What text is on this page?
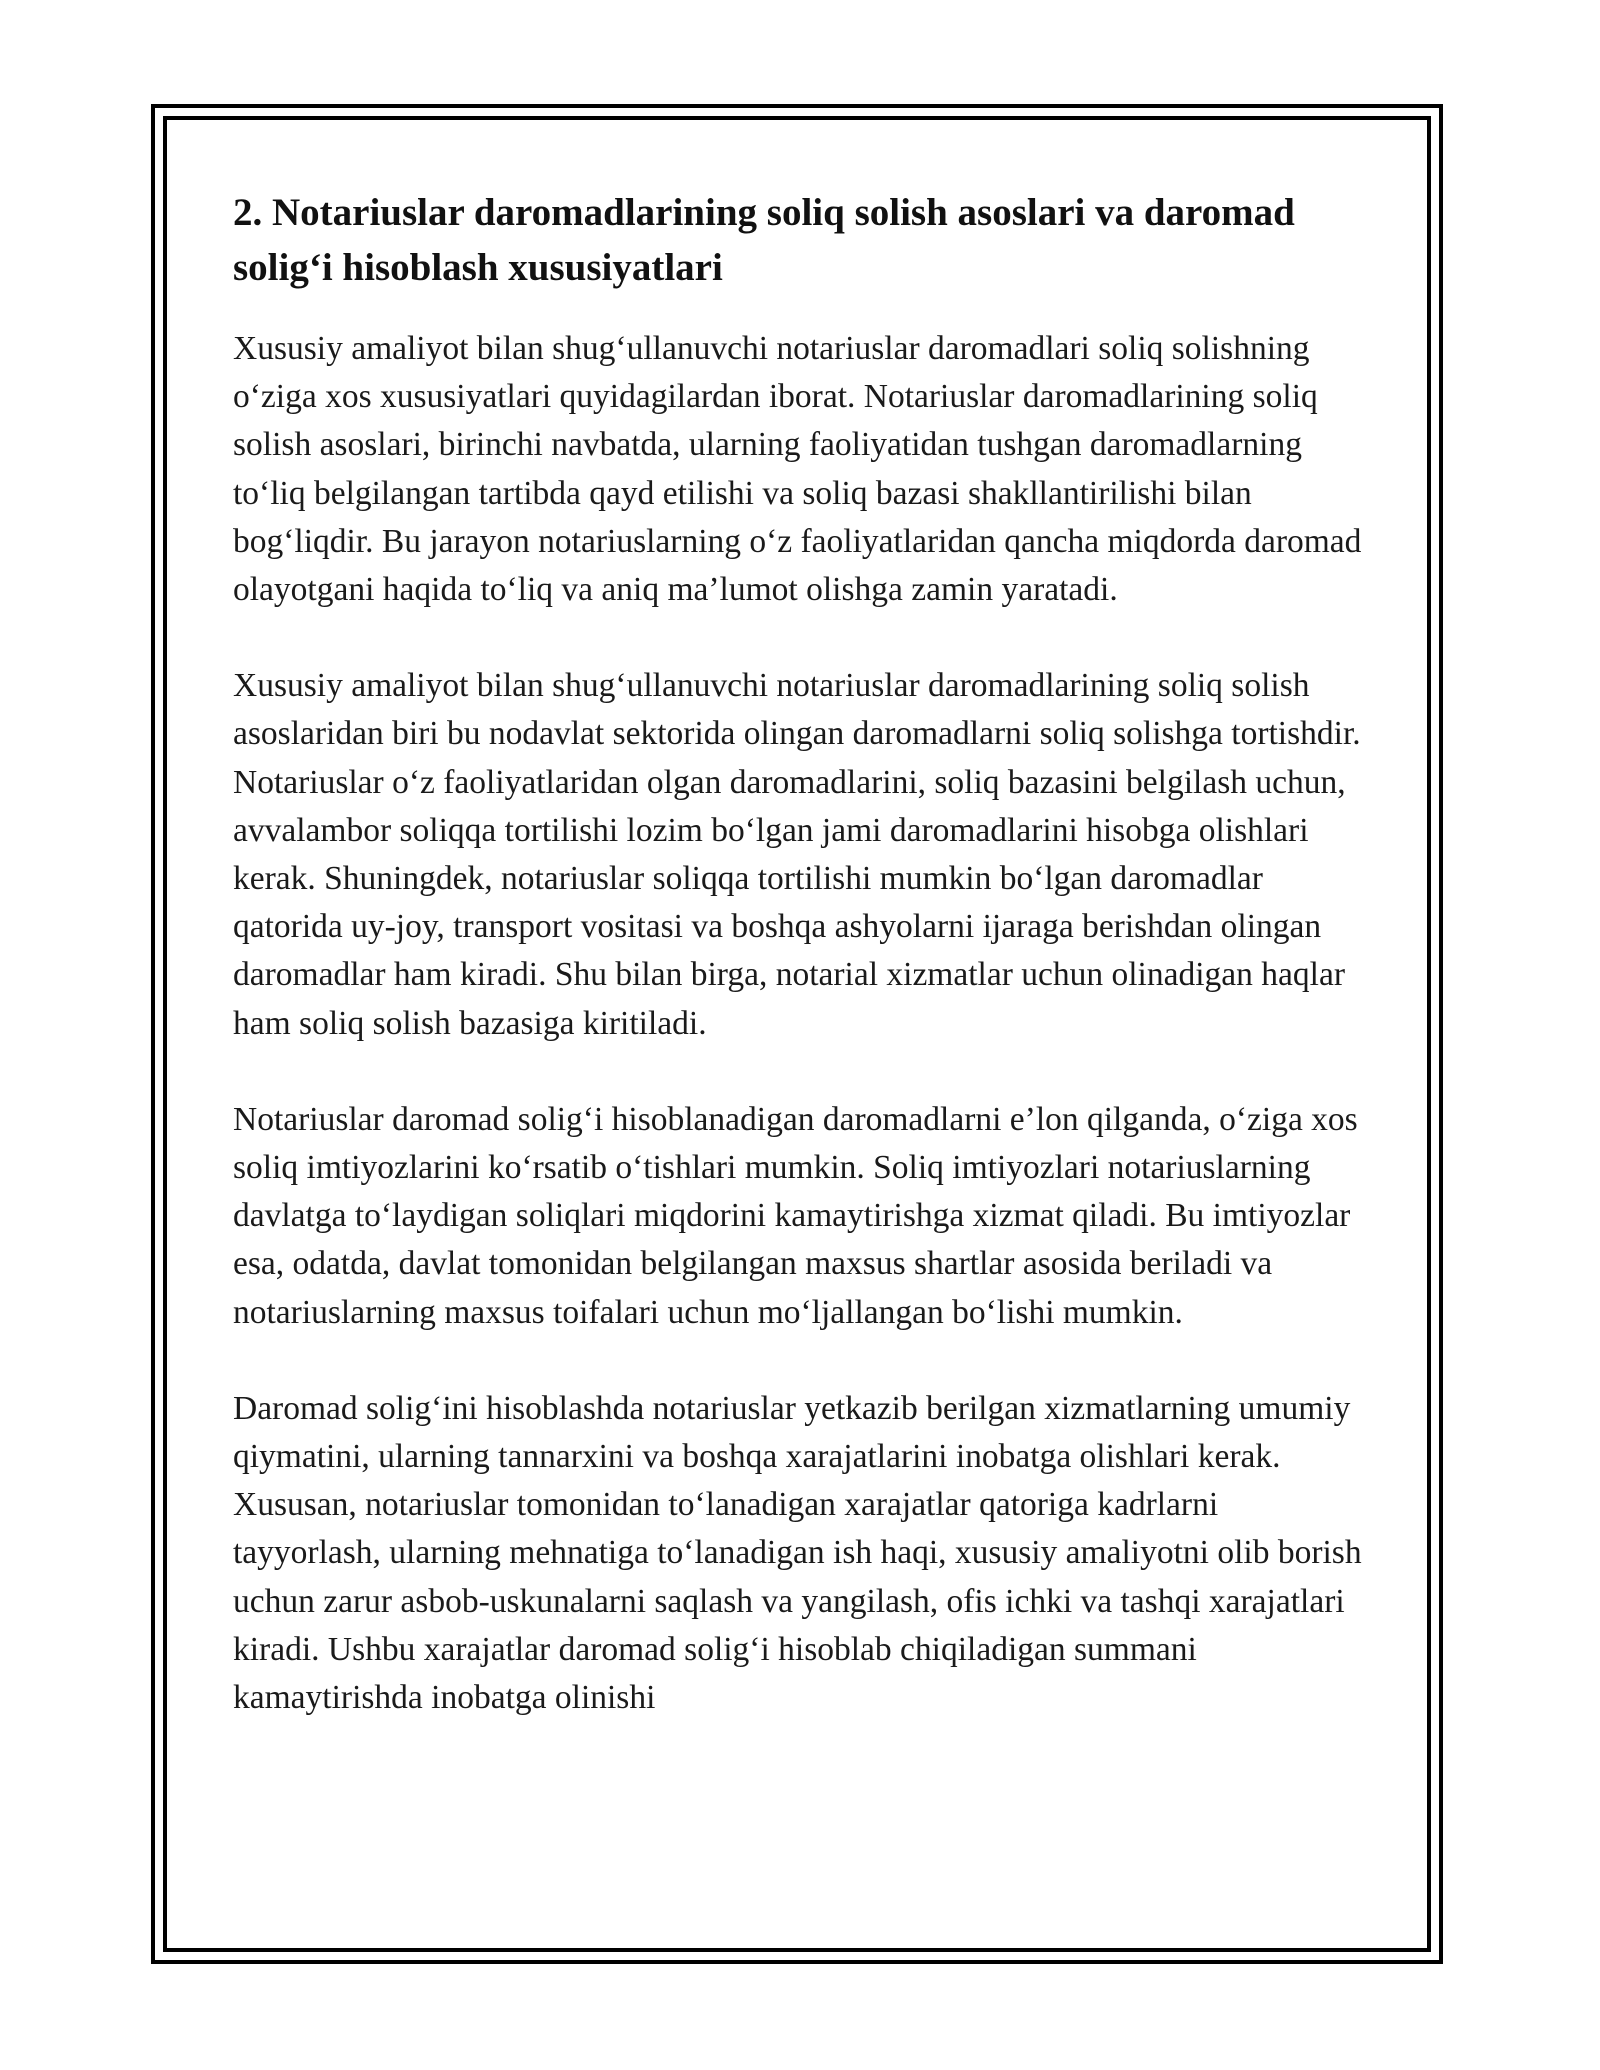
2. Notariuslar daromadlarining soliq solish asoslari va daromad solig‘i hisoblash xususiyatlari

Xususiy amaliyot bilan shug‘ullanuvchi notariuslar daromadlari soliq solishning o‘ziga xos xususiyatlari quyidagilardan iborat. Notariuslar daromadlarining soliq solish asoslari, birinchi navbatda, ularning faoliyatidan tushgan daromadlarning to‘liq belgilangan tartibda qayd etilishi va soliq bazasi shakllantirilishi bilan bog‘liqdir. Bu jarayon notariuslarning o‘z faoliyatlaridan qancha miqdorda daromad olayotgani haqida to‘liq va aniq ma’lumot olishga zamin yaratadi.

Xususiy amaliyot bilan shug‘ullanuvchi notariuslar daromadlarining soliq solish asoslaridan biri bu nodavlat sektorida olingan daromadlarni soliq solishga tortishdir. Notariuslar o‘z faoliyatlaridan olgan daromadlarini, soliq bazasini belgilash uchun, avvalambor soliqqa tortilishi lozim bo‘lgan jami daromadlarini hisobga olishlari kerak. Shuningdek, notariuslar soliqqa tortilishi mumkin bo‘lgan daromadlar qatorida uy-joy, transport vositasi va boshqa ashyolarni ijaraga berishdan olingan daromadlar ham kiradi. Shu bilan birga, notarial xizmatlar uchun olinadigan haqlar ham soliq solish bazasiga kiritiladi.

Notariuslar daromad solig‘i hisoblanadigan daromadlarni e’lon qilganda, o‘ziga xos soliq imtiyozlarini ko‘rsatib o‘tishlari mumkin. Soliq imtiyozlari notariuslarning davlatga to‘laydigan soliqlari miqdorini kamaytirishga xizmat qiladi. Bu imtiyozlar esa, odatda, davlat tomonidan belgilangan maxsus shartlar asosida beriladi va notariuslarning maxsus toifalari uchun mo‘ljallangan bo‘lishi mumkin.

Daromad solig‘ini hisoblashda notariuslar yetkazib berilgan xizmatlarning umumiy qiymatini, ularning tannarxini va boshqa xarajatlarini inobatga olishlari kerak. Xususan, notariuslar tomonidan to‘lanadigan xarajatlar qatoriga kadrlarni tayyorlash, ularning mehnatiga to‘lanadigan ish haqi, xususiy amaliyotni olib borish uchun zarur asbob-uskunalarni saqlash va yangilash, ofis ichki va tashqi xarajatlari kiradi. Ushbu xarajatlar daromad solig‘i hisoblab chiqiladigan summani kamaytirishda inobatga olinishi
